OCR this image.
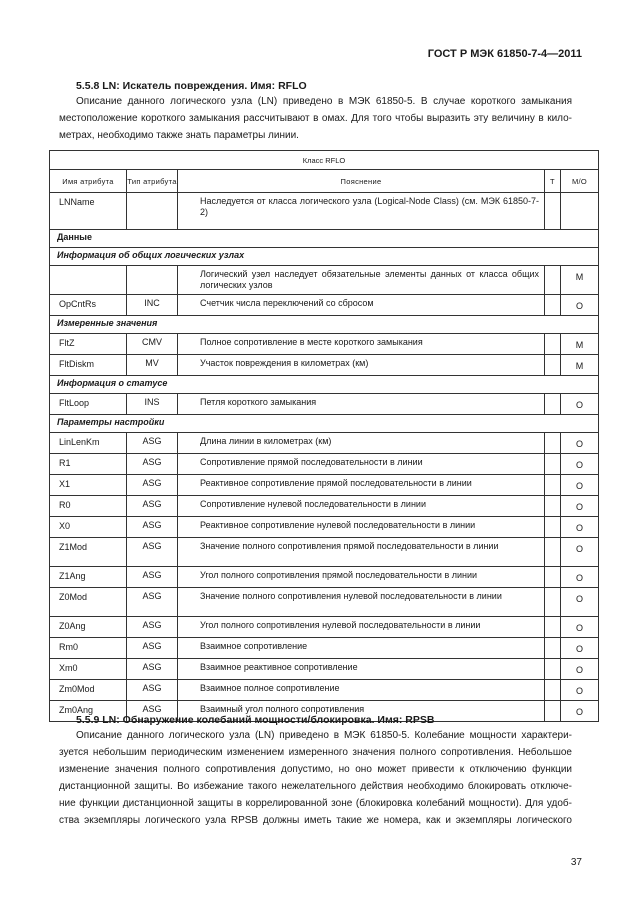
ГОСТ Р МЭК 61850-7-4—2011
5.5.8 LN: Искатель повреждения. Имя: RFLO
Описание данного логического узла (LN) приведено в МЭК 61850-5. В случае короткого замыкания
местоположение короткого замыкания рассчитывают в омах. Для того чтобы выразить эту величину в кило-
метрах, необходимо также знать параметры линии.
Класс RFLO				
Имя атрибута	Тип атрибута	Пояснение	T	М/О
LNName		Наследуется от класса логического узла (Logical-Node Class) (см. МЭК 61850-7-2)		
Данные				
Информация об общих логических узлах				
		Логический узел наследует обязательные элементы данных от класса общих логических узлов		M
OpCntRs	INC	Счетчик числа переключений со сбросом		O
Измеренные значения				
FltZ	CMV	Полное сопротивление в месте короткого замыкания		M
FltDiskm	MV	Участок повреждения в километрах (км)		M
Информация о статусе				
FltLoop	INS	Петля короткого замыкания		O
Параметры настройки				
LinLenKm	ASG	Длина линии в километрах (км)		O
R1	ASG	Сопротивление прямой последовательности в линии		O
X1	ASG	Реактивное сопротивление прямой последовательности в линии		O
R0	ASG	Сопротивление нулевой последовательности в линии		O
X0	ASG	Реактивное сопротивление нулевой последовательности в линии		O
Z1Mod	ASG	Значение полного сопротивления прямой последовательности в линии		O
Z1Ang	ASG	Угол полного сопротивления прямой последовательности в линии		O
Z0Mod	ASG	Значение полного сопротивления нулевой последовательности в линии		O
Z0Ang	ASG	Угол полного сопротивления нулевой последовательности в линии		O
Rm0	ASG	Взаимное сопротивление		O
Xm0	ASG	Взаимное реактивное сопротивление		O
Zm0Mod	ASG	Взаимное полное сопротивление		O
Zm0Ang	ASG	Взаимный угол полного сопротивления		O
5.5.9 LN: Обнаружение колебаний мощности/блокировка. Имя: RPSB
Описание данного логического узла (LN) приведено в МЭК 61850-5. Колебание мощности характери-
зуется небольшим периодическим изменением измеренного значения полного сопротивления. Небольшое
изменение значения полного сопротивления допустимо, но оно может привести к отключению функции
дистанционной защиты. Во избежание такого нежелательного действия необходимо блокировать отключе-
ние функции дистанционной защиты в коррелированной зоне (блокировка колебаний мощности). Для удоб-
ства экземпляры логического узла RPSB должны иметь такие же номера, как и экземпляры логического
37
